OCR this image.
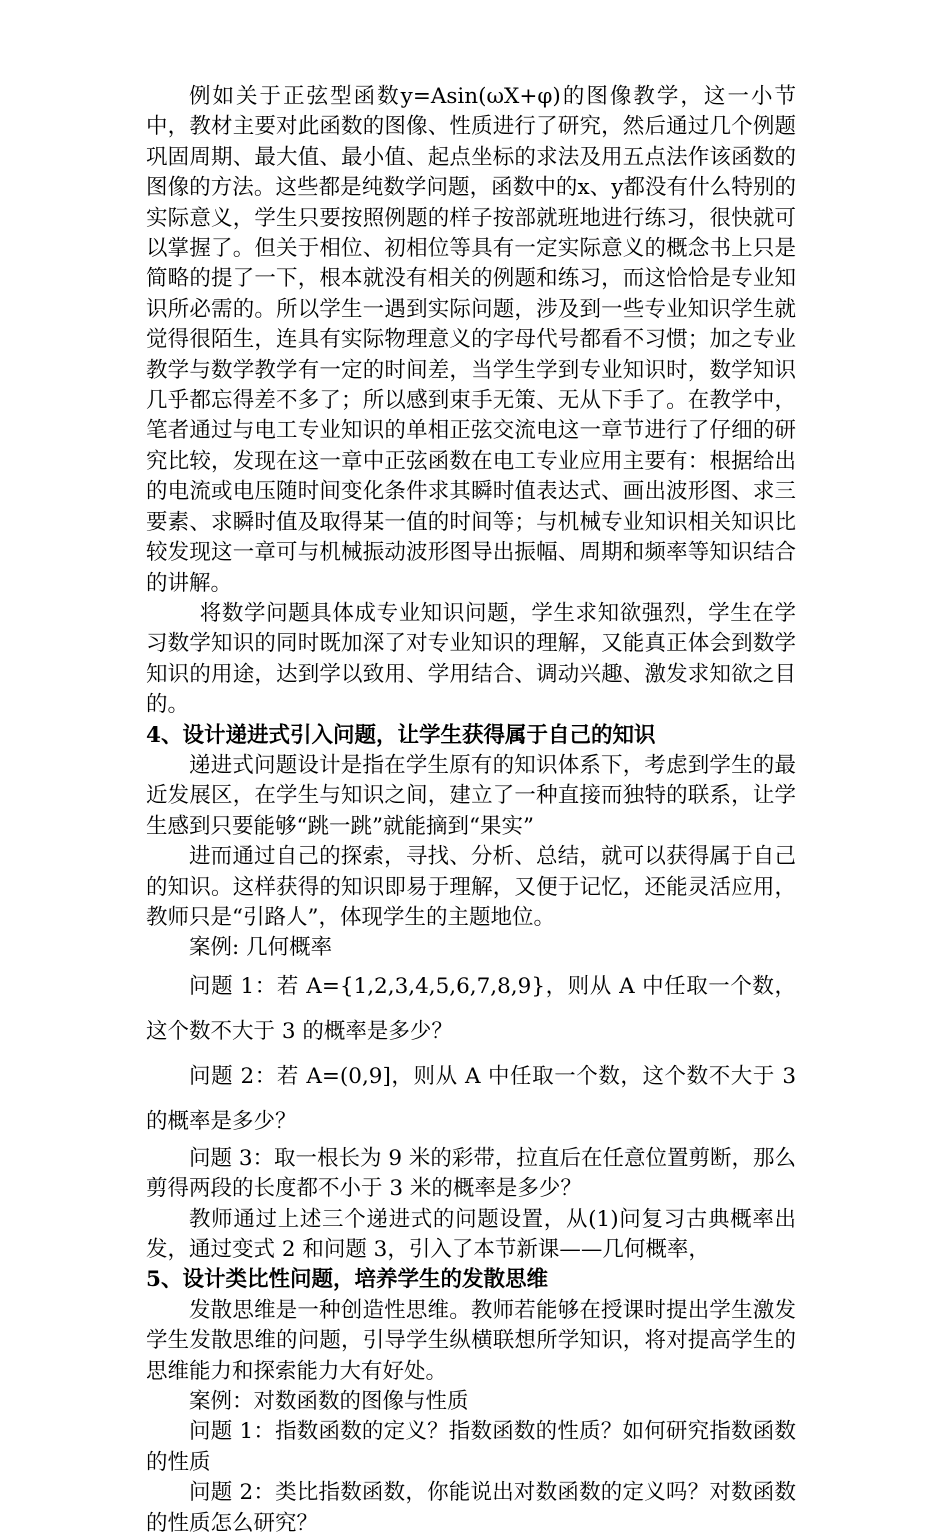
例如关于正弦型函数y=Asin(ωX+φ)的图像教学，这一小节中，教材主要对此函数的图像、性质进行了研究，然后通过几个例题巩固周期、最大值、最小值、起点坐标的求法及用五点法作该函数的图像的方法。这些都是纯数学问题，函数中的x、y都没有什么特别的实际意义，学生只要按照例题的样子按部就班地进行练习，很快就可以掌握了。但关于相位、初相位等具有一定实际意义的概念书上只是简略的提了一下，根本就没有相关的例题和练习，而这恰恰是专业知识所必需的。所以学生一遇到实际问题，涉及到一些专业知识学生就觉得很陌生，连具有实际物理意义的字母代号都看不习惯；加之专业教学与数学教学有一定的时间差，当学生学到专业知识时，数学知识几乎都忘得差不多了；所以感到束手无策、无从下手了。在教学中，笔者通过与电工专业知识的单相正弦交流电这一章节进行了仔细的研究比较，发现在这一章中正弦函数在电工专业应用主要有：根据给出的电流或电压随时间变化条件求其瞬时值表达式、画出波形图、求三要素、求瞬时值及取得某一值的时间等；与机械专业知识相关知识比较发现这一章可与机械振动波形图导出振幅、周期和频率等知识结合的讲解。

将数学问题具体成专业知识问题，学生求知欲强烈，学生在学习数学知识的同时既加深了对专业知识的理解，又能真正体会到数学知识的用途，达到学以致用、学用结合、调动兴趣、激发求知欲之目的。

4、设计递进式引入问题，让学生获得属于自己的知识

递进式问题设计是指在学生原有的知识体系下，考虑到学生的最近发展区，在学生与知识之间，建立了一种直接而独特的联系，让学生感到只要能够“跳一跳”就能摘到“果实”

进而通过自己的探索，寻找、分析、总结，就可以获得属于自己的知识。这样获得的知识即易于理解，又便于记忆，还能灵活应用，教师只是“引路人”，体现学生的主题地位。

案例: 几何概率

问题 1：若 A={1,2,3,4,5,6,7,8,9}，则从 A 中任取一个数，这个数不大于 3 的概率是多少？

问题 2：若 A=(0,9]，则从 A 中任取一个数，这个数不大于 3 的概率是多少？

问题 3：取一根长为 9 米的彩带，拉直后在任意位置剪断，那么剪得两段的长度都不小于 3 米的概率是多少？

教师通过上述三个递进式的问题设置，从(1)问复习古典概率出发，通过变式 2 和问题 3，引入了本节新课——几何概率，

5、设计类比性问题，培养学生的发散思维

发散思维是一种创造性思维。教师若能够在授课时提出学生激发学生发散思维的问题，引导学生纵横联想所学知识，将对提高学生的思维能力和探索能力大有好处。

案例：对数函数的图像与性质

问题 1：指数函数的定义？指数函数的性质？如何研究指数函数的性质

问题 2：类比指数函数，你能说出对数函数的定义吗？对数函数的性质怎么研究？
